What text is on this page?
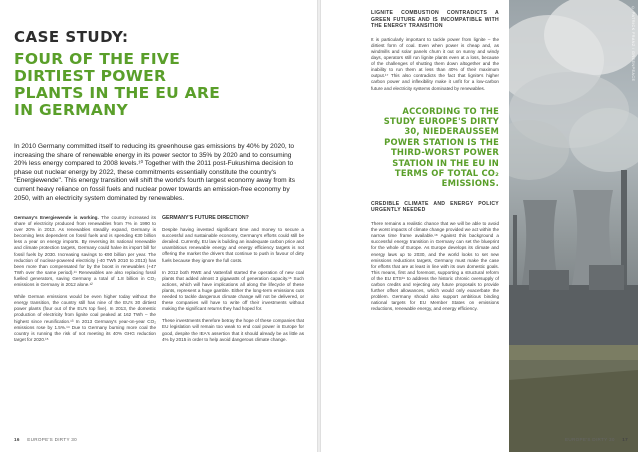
CASE STUDY:
FOUR OF THE FIVE DIRTIEST POWER PLANTS IN THE EU ARE IN GERMANY

In 2010 Germany committed itself to reducing its greenhouse gas emissions by 40% by 2020, to increasing the share of renewable energy in its power sector to 35% by 2020 and to consuming 20% less energy compared to 2008 levels.¹⁰ Together with the 2011 post-Fukushima decision to phase out nuclear energy by 2022, these commitments essentially constitute the country's "Energiewende". This energy transition will shift the world's fourth largest economy away from its current heavy reliance on fossil fuels and nuclear power towards an emission-free economy by 2050, with an electricity system dominated by renewables.

Germany's Energiewende is working. The country increased its share of electricity produced from renewables from 7% in 1990 to over 20% in 2013. As renewables steadily expand, Germany is becoming less dependent on fossil fuels and is spending €30 billion less a year on energy imports. By reversing its national renewable and climate protection targets, Germany could halve its import bill for fossil fuels by 2030. Increasing savings to €90 billion per year. The reduction of nuclear-powered electricity (-40 TWh 2010 to 2013) has been more than compensated for by the boost in renewables (+47 TWh over the same period).¹¹ Renewables are also replacing fossil fuelled generators, saving Germany a total of 1.8 billion in CO₂ emissions in Germany in 2012 alone.¹²

While German emissions would be even higher today without the energy transition, the country still has nine of the EU's 30 dirtiest power plants (four out of the EU's top five). In 2013, the domestic production of electricity from lignite coal peaked at 162 TWh – the highest since reunification.¹³ In 2013 Germany's year-on-year CO₂ emissions rose by 1.5%.¹⁴ Due to Germany burning more coal the country is running the risk of not meeting its 40% GHG reduction target for 2020.¹⁵

GERMANY'S FUTURE DIRECTION?

Despite having invested significant time and money to secure a successful and sustainable economy, Germany's efforts could still be derailed. Currently, EU law is building an inadequate carbon price and unambitious renewable energy and energy efficiency targets is not offering the market the drivers that continue to push in favour of dirty fuels because they ignore the full costs.

In 2012 both RWE and Vattenfall started the operation of new coal plants that added almost 3 gigawatts of generation capacity.¹⁶ Such actions, which will have implications all along the lifecycle of these plants, represent a huge gamble. Either the long-term emissions cuts needed to tackle dangerous climate change will not be delivered, or these companies will have to write off their investments without making the significant returns they had hoped for.

These investments therefore betray the hope of these companies that EU legislation will remain too weak to end coal power in Europe for good, despite the IEA's assertion that it should already be as little as 4% by 2015 in order to help avoid dangerous climate change.

16 EUROPE'S DIRTY 30
LIGNITE COMBUSTION CONTRADICTS A GREEN FUTURE AND IS INCOMPATIBLE WITH THE ENERGY TRANSITION

It is particularly important to tackle power from lignite – the dirtiest form of coal. Even when power is cheap and, as windmills and solar panels churn it out on sunny and windy days, operators still run lignite plants even at a loss, because of the challenges of shutting them down altogether and the inability to run them at less than 40% of their maximum output.¹⁷ This also contradicts the fact that lignite's higher carbon power and inflexibility make it unfit for a low-carbon future and electricity systems dominated by renewables.

ACCORDING TO THE STUDY EUROPE'S DIRTY 30, NIEDERAUSSEM POWER STATION IS THE THIRD-WORST POWER STATION IN THE EU IN TERMS OF TOTAL CO₂ EMISSIONS.
CREDIBLE CLIMATE AND ENERGY POLICY URGENTLY NEEDED

There remains a realistic chance that we will be able to avoid the worst impacts of climate change provided we act within the narrow time frame available.¹⁸ Against this background a successful energy transition in Germany can set the blueprint for the whole of Europe. As Europe develops its climate and energy laws up to 2030, and the world looks to set new emissions reductions targets, Germany must make the case for efforts that are at least in line with its own domestic goals. This means, first and foremost, supporting a structural reform of the EU ETS¹⁹ to address the historic chronic oversupply of carbon credits and rejecting any future proposals to provide further offset allowances, which would only exacerbate the problem. Germany should also support ambitious binding national targets for EU Member States on emissions reductions, renewable energy, and energy efficiency.

© PATRICK FRANZ / GREENPEACE
EUROPE'S DIRTY 30 17
